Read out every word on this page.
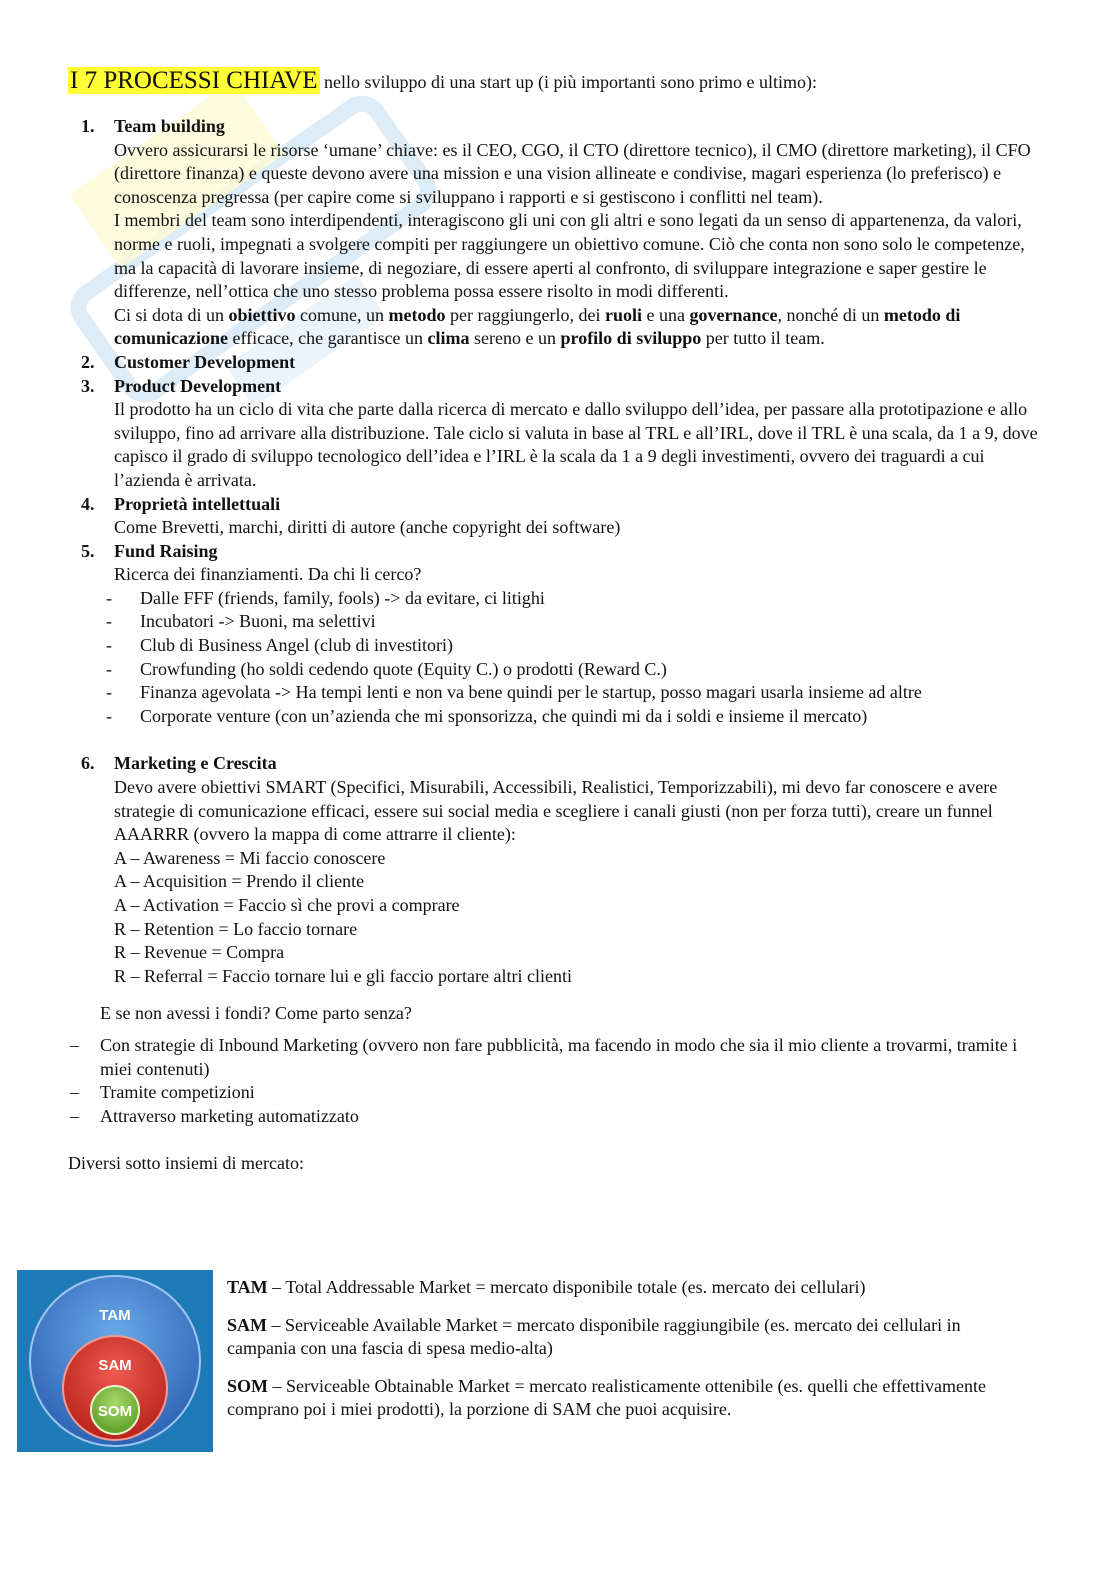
I 7 PROCESSI CHIAVE nello sviluppo di una start up (i più importanti sono primo e ultimo):
1. Team building
Ovvero assicurarsi le risorse ‘umane’ chiave: es il CEO, CGO, il CTO (direttore tecnico), il CMO (direttore marketing), il CFO (direttore finanza) e queste devono avere una mission e una vision allineate e condivise, magari esperienza (lo preferisco) e conoscenza pregressa (per capire come si sviluppano i rapporti e si gestiscono i conflitti nel team).
I membri del team sono interdipendenti, interagiscono gli uni con gli altri e sono legati da un senso di appartenenza, da valori, norme e ruoli, impegnati a svolgere compiti per raggiungere un obiettivo comune. Ciò che conta non sono solo le competenze, ma la capacità di lavorare insieme, di negoziare, di essere aperti al confronto, di sviluppare integrazione e saper gestire le differenze, nell’ottica che uno stesso problema possa essere risolto in modi differenti.
Ci si dota di un obiettivo comune, un metodo per raggiungerlo, dei ruoli e una governance, nonché di un metodo di comunicazione efficace, che garantisce un clima sereno e un profilo di sviluppo per tutto il team.
2. Customer Development
3. Product Development
Il prodotto ha un ciclo di vita che parte dalla ricerca di mercato e dallo sviluppo dell’idea, per passare alla prototipazione e allo sviluppo, fino ad arrivare alla distribuzione. Tale ciclo si valuta in base al TRL e all’IRL, dove il TRL è una scala, da 1 a 9, dove capisco il grado di sviluppo tecnologico dell’idea e l’IRL è la scala da 1 a 9 degli investimenti, ovvero dei traguardi a cui l’azienda è arrivata.
4. Proprietà intellettuali
Come Brevetti, marchi, diritti di autore (anche copyright dei software)
5. Fund Raising
Ricerca dei finanziamenti. Da chi li cerco?
- Dalle FFF (friends, family, fools) -> da evitare, ci litighi
- Incubatori -> Buoni, ma selettivi
- Club di Business Angel (club di investitori)
- Crowfunding (ho soldi cedendo quote (Equity C.) o prodotti (Reward C.)
- Finanza agevolata -> Ha tempi lenti e non va bene quindi per le startup, posso magari usarla insieme ad altre
- Corporate venture (con un’azienda che mi sponsorizza, che quindi mi da i soldi e insieme il mercato)
6. Marketing e Crescita
Devo avere obiettivi SMART (Specifici, Misurabili, Accessibili, Realistici, Temporizzabili), mi devo far conoscere e avere strategie di comunicazione efficaci, essere sui social media e scegliere i canali giusti (non per forza tutti), creare un funnel AAARRR (ovvero la mappa di come attrarre il cliente):
A – Awareness = Mi faccio conoscere
A – Acquisition = Prendo il cliente
A – Activation = Faccio sì che provi a comprare
R – Retention = Lo faccio tornare
R – Revenue = Compra
R – Referral = Faccio tornare lui e gli faccio portare altri clienti
E se non avessi i fondi? Come parto senza?
– Con strategie di Inbound Marketing (ovvero non fare pubblicità, ma facendo in modo che sia il mio cliente a trovarmi, tramite i miei contenuti)
– Tramite competizioni
– Attraverso marketing automatizzato
Diversi sotto insiemi di mercato:
TAM
SAM
SOM

TAM – Total Addressable Market = mercato disponibile totale (es. mercato dei cellulari)

SAM – Serviceable Available Market = mercato disponibile raggiungibile (es. mercato dei cellulari in campania con una fascia di spesa medio-alta)

SOM – Serviceable Obtainable Market = mercato realisticamente ottenibile (es. quelli che effettivamente comprano poi i miei prodotti), la porzione di SAM che puoi acquisire.
